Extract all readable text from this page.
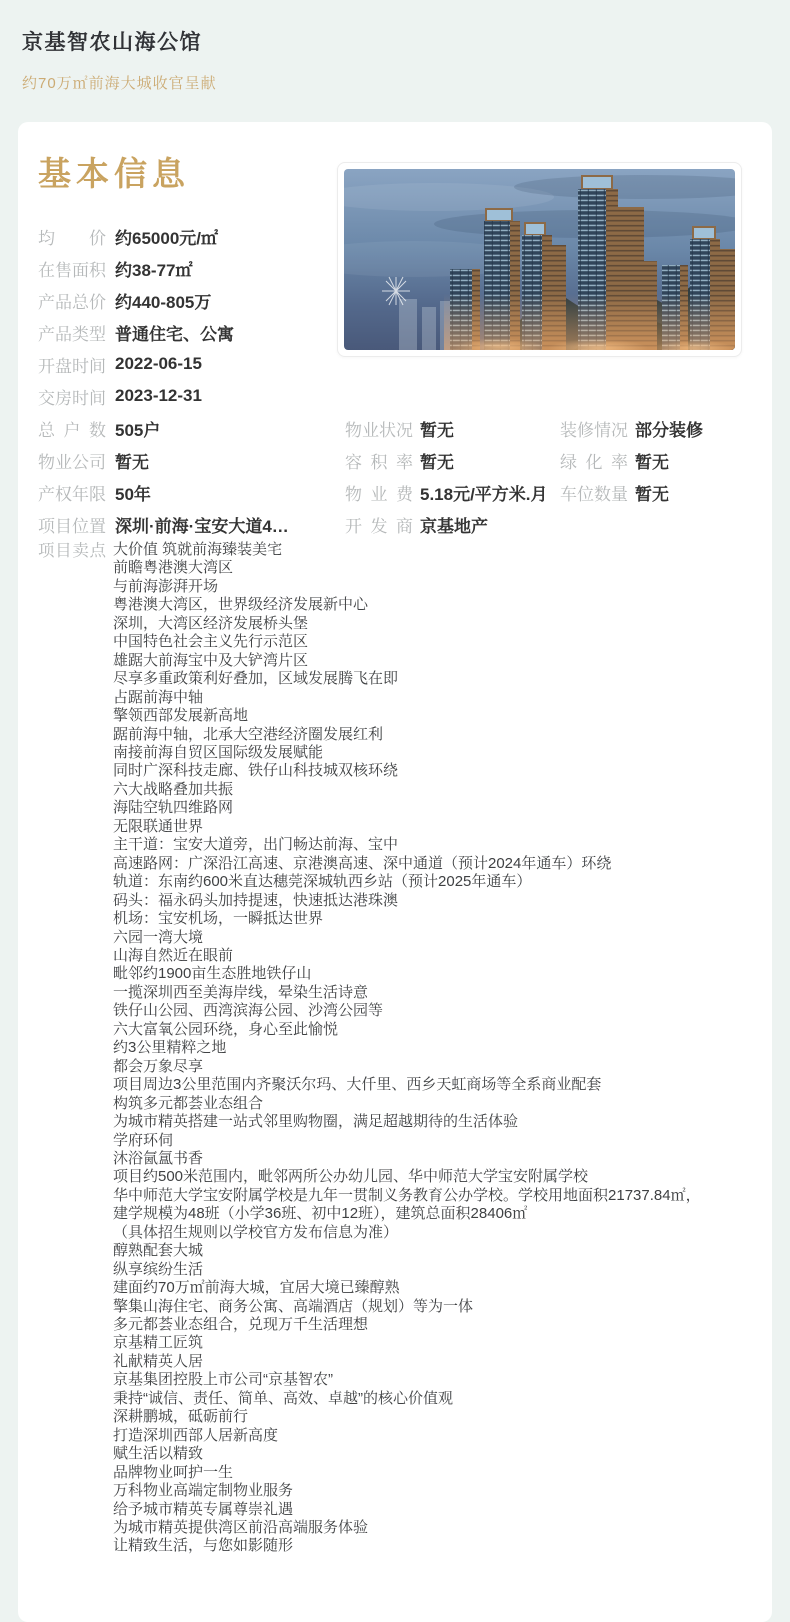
京基智农山海公馆
约70万㎡前海大城收官呈献
基本信息
均价 约65000元/㎡
在售面积 约38-77㎡
产品总价 约440-805万
产品类型 普通住宅、公寓
开盘时间 2022-06-15
交房时间 2023-12-31
总户数 505户
物业公司 暂无
产权年限 50年
项目位置 深圳·前海·宝安大道4…
物业状况 暂无
容积率 暂无
物业费 5.18元/平方米.月
开发商 京基地产
装修情况 部分装修
绿化率 暂无
车位数量 暂无
项目卖点 大价值 筑就前海臻装美宅
前瞻粤港澳大湾区
与前海澎湃开场
粤港澳大湾区，世界级经济发展新中心
深圳，大湾区经济发展桥头堡
中国特色社会主义先行示范区
雄踞大前海宝中及大铲湾片区
尽享多重政策利好叠加，区域发展腾飞在即
占踞前海中轴
擎领西部发展新高地
踞前海中轴，北承大空港经济圈发展红利
南接前海自贸区国际级发展赋能
同时广深科技走廊、铁仔山科技城双核环绕
六大战略叠加共振
海陆空轨四维路网
无限联通世界
主干道：宝安大道旁，出门畅达前海、宝中
高速路网：广深沿江高速、京港澳高速、深中通道（预计2024年通车）环绕
轨道：东南约600米直达穗莞深城轨西乡站（预计2025年通车）
码头：福永码头加持提速，快速抵达港珠澳
机场：宝安机场，一瞬抵达世界
六园一湾大境
山海自然近在眼前
毗邻约1900亩生态胜地铁仔山
一揽深圳西至美海岸线，晕染生活诗意
铁仔山公园、西湾滨海公园、沙湾公园等
六大富氧公园环绕，身心至此愉悦
约3公里精粹之地
都会万象尽享
项目周边3公里范围内齐聚沃尔玛、大仟里、西乡天虹商场等全系商业配套
构筑多元都荟业态组合
为城市精英搭建一站式邻里购物圈，满足超越期待的生活体验
学府环伺
沐浴氤氲书香
项目约500米范围内，毗邻两所公办幼儿园、华中师范大学宝安附属学校
华中师范大学宝安附属学校是九年一贯制义务教育公办学校。学校用地面积21737.84㎡，
建学规模为48班（小学36班、初中12班），建筑总面积28406㎡
（具体招生规则以学校官方发布信息为准）
醇熟配套大城
纵享缤纷生活
建面约70万㎡前海大城，宜居大境已臻醇熟
擎集山海住宅、商务公寓、高端酒店（规划）等为一体
多元都荟业态组合，兑现万千生活理想
京基精工匠筑
礼献精英人居
京基集团控股上市公司“京基智农”
秉持“诚信、责任、简单、高效、卓越”的核心价值观
深耕鹏城，砥砺前行
打造深圳西部人居新高度
赋生活以精致
品牌物业呵护一生
万科物业高端定制物业服务
给予城市精英专属尊崇礼遇
为城市精英提供湾区前沿高端服务体验
让精致生活，与您如影随形
